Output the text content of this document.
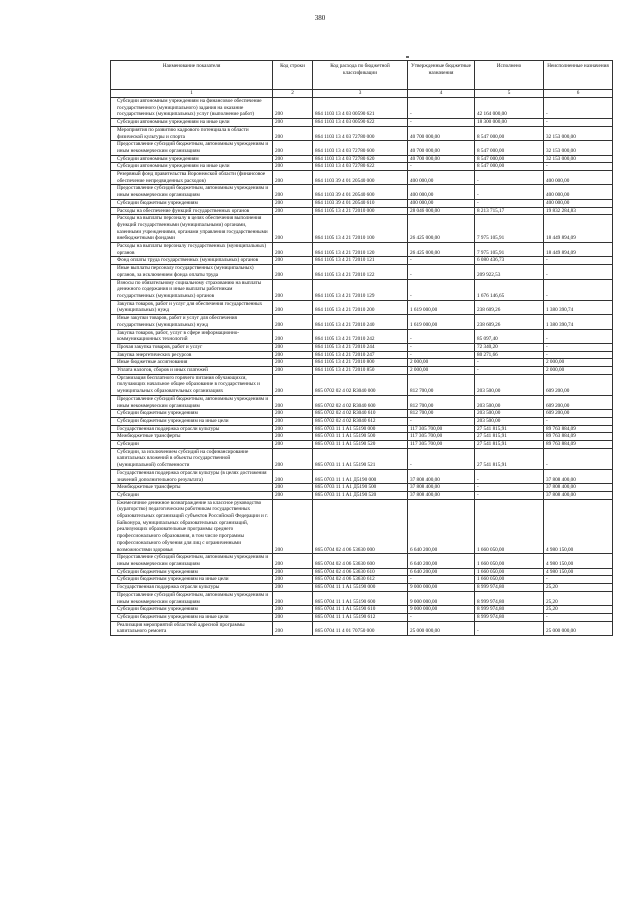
380
Наименование показателя	Код строки	Код расхода по бюджетной классификации	Утвержденные бюджетные назначения	Исполнено	Неисполненные назначения
1	2	3	4	5	6
Субсидии автономным учреждениям на финансовое обеспечение государственного (муниципального) задания на оказание государственных (муниципальных) услуг (выполнение работ)	200	864 1103 13 4 03 00590 621	-	42 164 000,00	-
Субсидии автономным учреждениям на иные цели	200	864 1103 13 4 03 00590 622	-	18 300 000,00	-
Мероприятия по развитию кадрового потенциала в области физической культуры и спорта	200	864 1103 13 4 03 72780 000	40 700 000,00	8 547 000,00	32 153 000,00
Предоставление субсидий бюджетным, автономным учреждениям и иным некоммерческим организациям	200	864 1103 13 4 03 72780 600	40 700 000,00	8 547 000,00	32 153 000,00
Субсидии автономным учреждениям	200	864 1103 13 4 03 72780 620	40 700 000,00	8 547 000,00	32 153 000,00
Субсидии автономным учреждениям на иные цели	200	864 1103 13 4 03 72780 622	-	8 547 000,00	-
Резервный фонд правительства Воронежской области (финансовое обеспечение непредвиденных расходов)	200	864 1103 39 4 01 20540 000	400 000,00	-	400 000,00
Предоставление субсидий бюджетным, автономным учреждениям и иным некоммерческим организациям	200	864 1103 39 4 01 20540 600	400 000,00	-	400 000,00
Субсидии бюджетным учреждениям	200	864 1103 39 4 01 20540 610	400 000,00	-	400 000,00
Расходы на обеспечение функций государственных органов	200	864 1105 13 4 21 72010 000	28 046 000,00	8 213 715,17	19 832 284,83
Расходы на выплаты персоналу в целях обеспечения выполнения функций государственными (муниципальными) органами, казенными учреждениями, органами управления государственными внебюджетными фондами	200	864 1105 13 4 21 72010 100	26 425 000,00	7 975 105,91	18 449 894,09
Расходы на выплаты персоналу государственных (муниципальных) органов	200	864 1105 13 4 21 72010 120	26 425 000,00	7 975 105,91	18 449 894,09
Фонд оплаты труда государственных (муниципальных) органов	200	864 1105 13 4 21 72010 121	-	6 080 436,73	-
Иные выплаты персоналу государственных (муниципальных) органов, за исключением фонда оплаты труда	200	864 1105 13 4 21 72010 122	-	209 922,53	-
Взносы по обязательному социальному страхованию на выплаты денежного содержания и иные выплаты работникам государственных (муниципальных) органов	200	864 1105 13 4 21 72010 129	-	1 676 146,65	-
Закупка товаров, работ и услуг для обеспечения государственных (муниципальных) нужд	200	864 1105 13 4 21 72010 200	1 619 000,00	238 609,26	1 380 390,74
Иные закупки товаров, работ и услуг для обеспечения государственных (муниципальных) нужд	200	864 1105 13 4 21 72010 240	1 619 000,00	238 609,26	1 380 390,74
Закупка товаров, работ, услуг в сфере информационно-коммуникационных технологий	200	864 1105 13 4 21 72010 242	-	85 097,40	-
Прочая закупка товаров, работ и услуг	200	864 1105 13 4 21 72010 244	-	72 340,20	-
Закупка энергетических ресурсов	200	864 1105 13 4 21 72010 247	-	80 271,66	-
Иные бюджетные ассигнования	200	864 1105 13 4 21 72010 800	2 000,00	-	2 000,00
Уплата налогов, сборов и иных платежей	200	864 1105 13 4 21 72010 850	2 000,00	-	2 000,00
Организация бесплатного горячего питания обучающихся, получающих начальное общее образование в государственных и муниципальных образовательных организациях	200	865 0702 02 4 02 R3040 000	812 700,00	203 500,00	609 200,00
Предоставление субсидий бюджетным, автономным учреждениям и иным некоммерческим организациям	200	865 0702 02 4 02 R3040 600	812 700,00	203 500,00	609 200,00
Субсидии бюджетным учреждениям	200	865 0702 02 4 02 R3040 610	812 700,00	203 500,00	609 200,00
Субсидии бюджетным учреждениям на иные цели	200	865 0702 02 4 02 R3040 612	-	203 500,00	-
Государственная поддержка отрасли культуры	200	865 0703 11 1 A1 55190 000	117 305 700,00	27 541 815,91	89 763 884,09
Межбюджетные трансферты	200	865 0703 11 1 A1 55190 500	117 305 700,00	27 541 815,91	89 763 884,09
Субсидии	200	865 0703 11 1 A1 55190 520	117 305 700,00	27 541 815,91	89 763 884,09
Субсидии, за исключением субсидий на софинансирование капитальных вложений в объекты государственной (муниципальной) собственности	200	865 0703 11 1 A1 55190 521	-	27 541 815,91	-
Государственная поддержка отрасли культуры (в целях достижения значений дополнительного результата)	200	865 0703 11 1 A1 Д5190 000	37 808 400,00	-	37 808 400,00
Межбюджетные трансферты	200	865 0703 11 1 A1 Д5190 500	37 808 400,00	-	37 808 400,00
Субсидии	200	865 0703 11 1 A1 Д5190 520	37 808 400,00	-	37 808 400,00
Ежемесячное денежное вознаграждение за классное руководство (кураторство) педагогическим работникам государственных образовательных организаций субъектов Российской Федерации и г. Байконура, муниципальных образовательных организаций, реализующих образовательные программы среднего профессионального образования, в том числе программы профессионального обучения для лиц с ограниченными возможностями здоровья	200	865 0704 02 4 06 53630 000	6 640 200,00	1 660 050,00	4 980 150,00
Предоставление субсидий бюджетным, автономным учреждениям и иным некоммерческим организациям	200	865 0704 02 4 06 53630 600	6 640 200,00	1 660 050,00	4 980 150,00
Субсидии бюджетным учреждениям	200	865 0704 02 4 06 53630 610	6 640 200,00	1 660 050,00	4 980 150,00
Субсидии бюджетным учреждениям на иные цели	200	865 0704 02 4 06 53630 612	-	1 660 050,00	-
Государственная поддержка отрасли культуры	200	865 0704 11 1 A1 55190 000	9 000 000,00	8 999 974,80	25,20
Предоставление субсидий бюджетным, автономным учреждениям и иным некоммерческим организациям	200	865 0704 11 1 A1 55190 600	9 000 000,00	8 999 974,80	25,20
Субсидии бюджетным учреждениям	200	865 0704 11 1 A1 55190 610	9 000 000,00	8 999 974,80	25,20
Субсидии бюджетным учреждениям на иные цели	200	865 0704 11 1 A1 55190 612	-	8 999 974,80	-
Реализация мероприятий областной адресной программы капитального ремонта	200	865 0704 11 4 01 70750 000	25 000 000,00	-	25 000 000,00
